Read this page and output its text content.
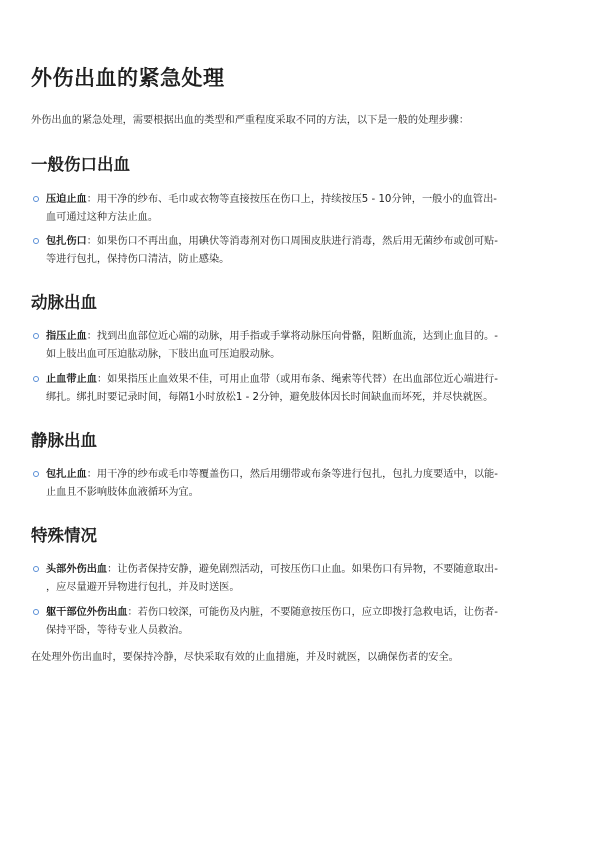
外伤出血的紧急处理

外伤出血的紧急处理，需要根据出血的类型和严重程度采取不同的方法，以下是一般的处理步骤：

一般伤口出血
压迫止血：用干净的纱布、毛巾或衣物等直接按压在伤口上，持续按压5 - 10分钟，一般小的血管出-
血可通过这种方法止血。
包扎伤口：如果伤口不再出血，用碘伏等消毒剂对伤口周围皮肤进行消毒，然后用无菌纱布或创可贴-
等进行包扎，保持伤口清洁，防止感染。
动脉出血
指压止血：找到出血部位近心端的动脉，用手指或手掌将动脉压向骨骼，阻断血流，达到止血目的。-
如上肢出血可压迫肱动脉，下肢出血可压迫股动脉。
止血带止血：如果指压止血效果不佳，可用止血带（或用布条、绳索等代替）在出血部位近心端进行-
绑扎。绑扎时要记录时间，每隔1小时放松1 - 2分钟，避免肢体因长时间缺血而坏死，并尽快就医。
静脉出血
包扎止血：用干净的纱布或毛巾等覆盖伤口，然后用绷带或布条等进行包扎，包扎力度要适中，以能-
止血且不影响肢体血液循环为宜。
特殊情况
头部外伤出血：让伤者保持安静，避免剧烈活动，可按压伤口止血。如果伤口有异物，不要随意取出-
，应尽量避开异物进行包扎，并及时送医。
躯干部位外伤出血：若伤口较深，可能伤及内脏，不要随意按压伤口，应立即拨打急救电话，让伤者-
保持平卧，等待专业人员救治。

在处理外伤出血时，要保持冷静，尽快采取有效的止血措施，并及时就医，以确保伤者的安全。
